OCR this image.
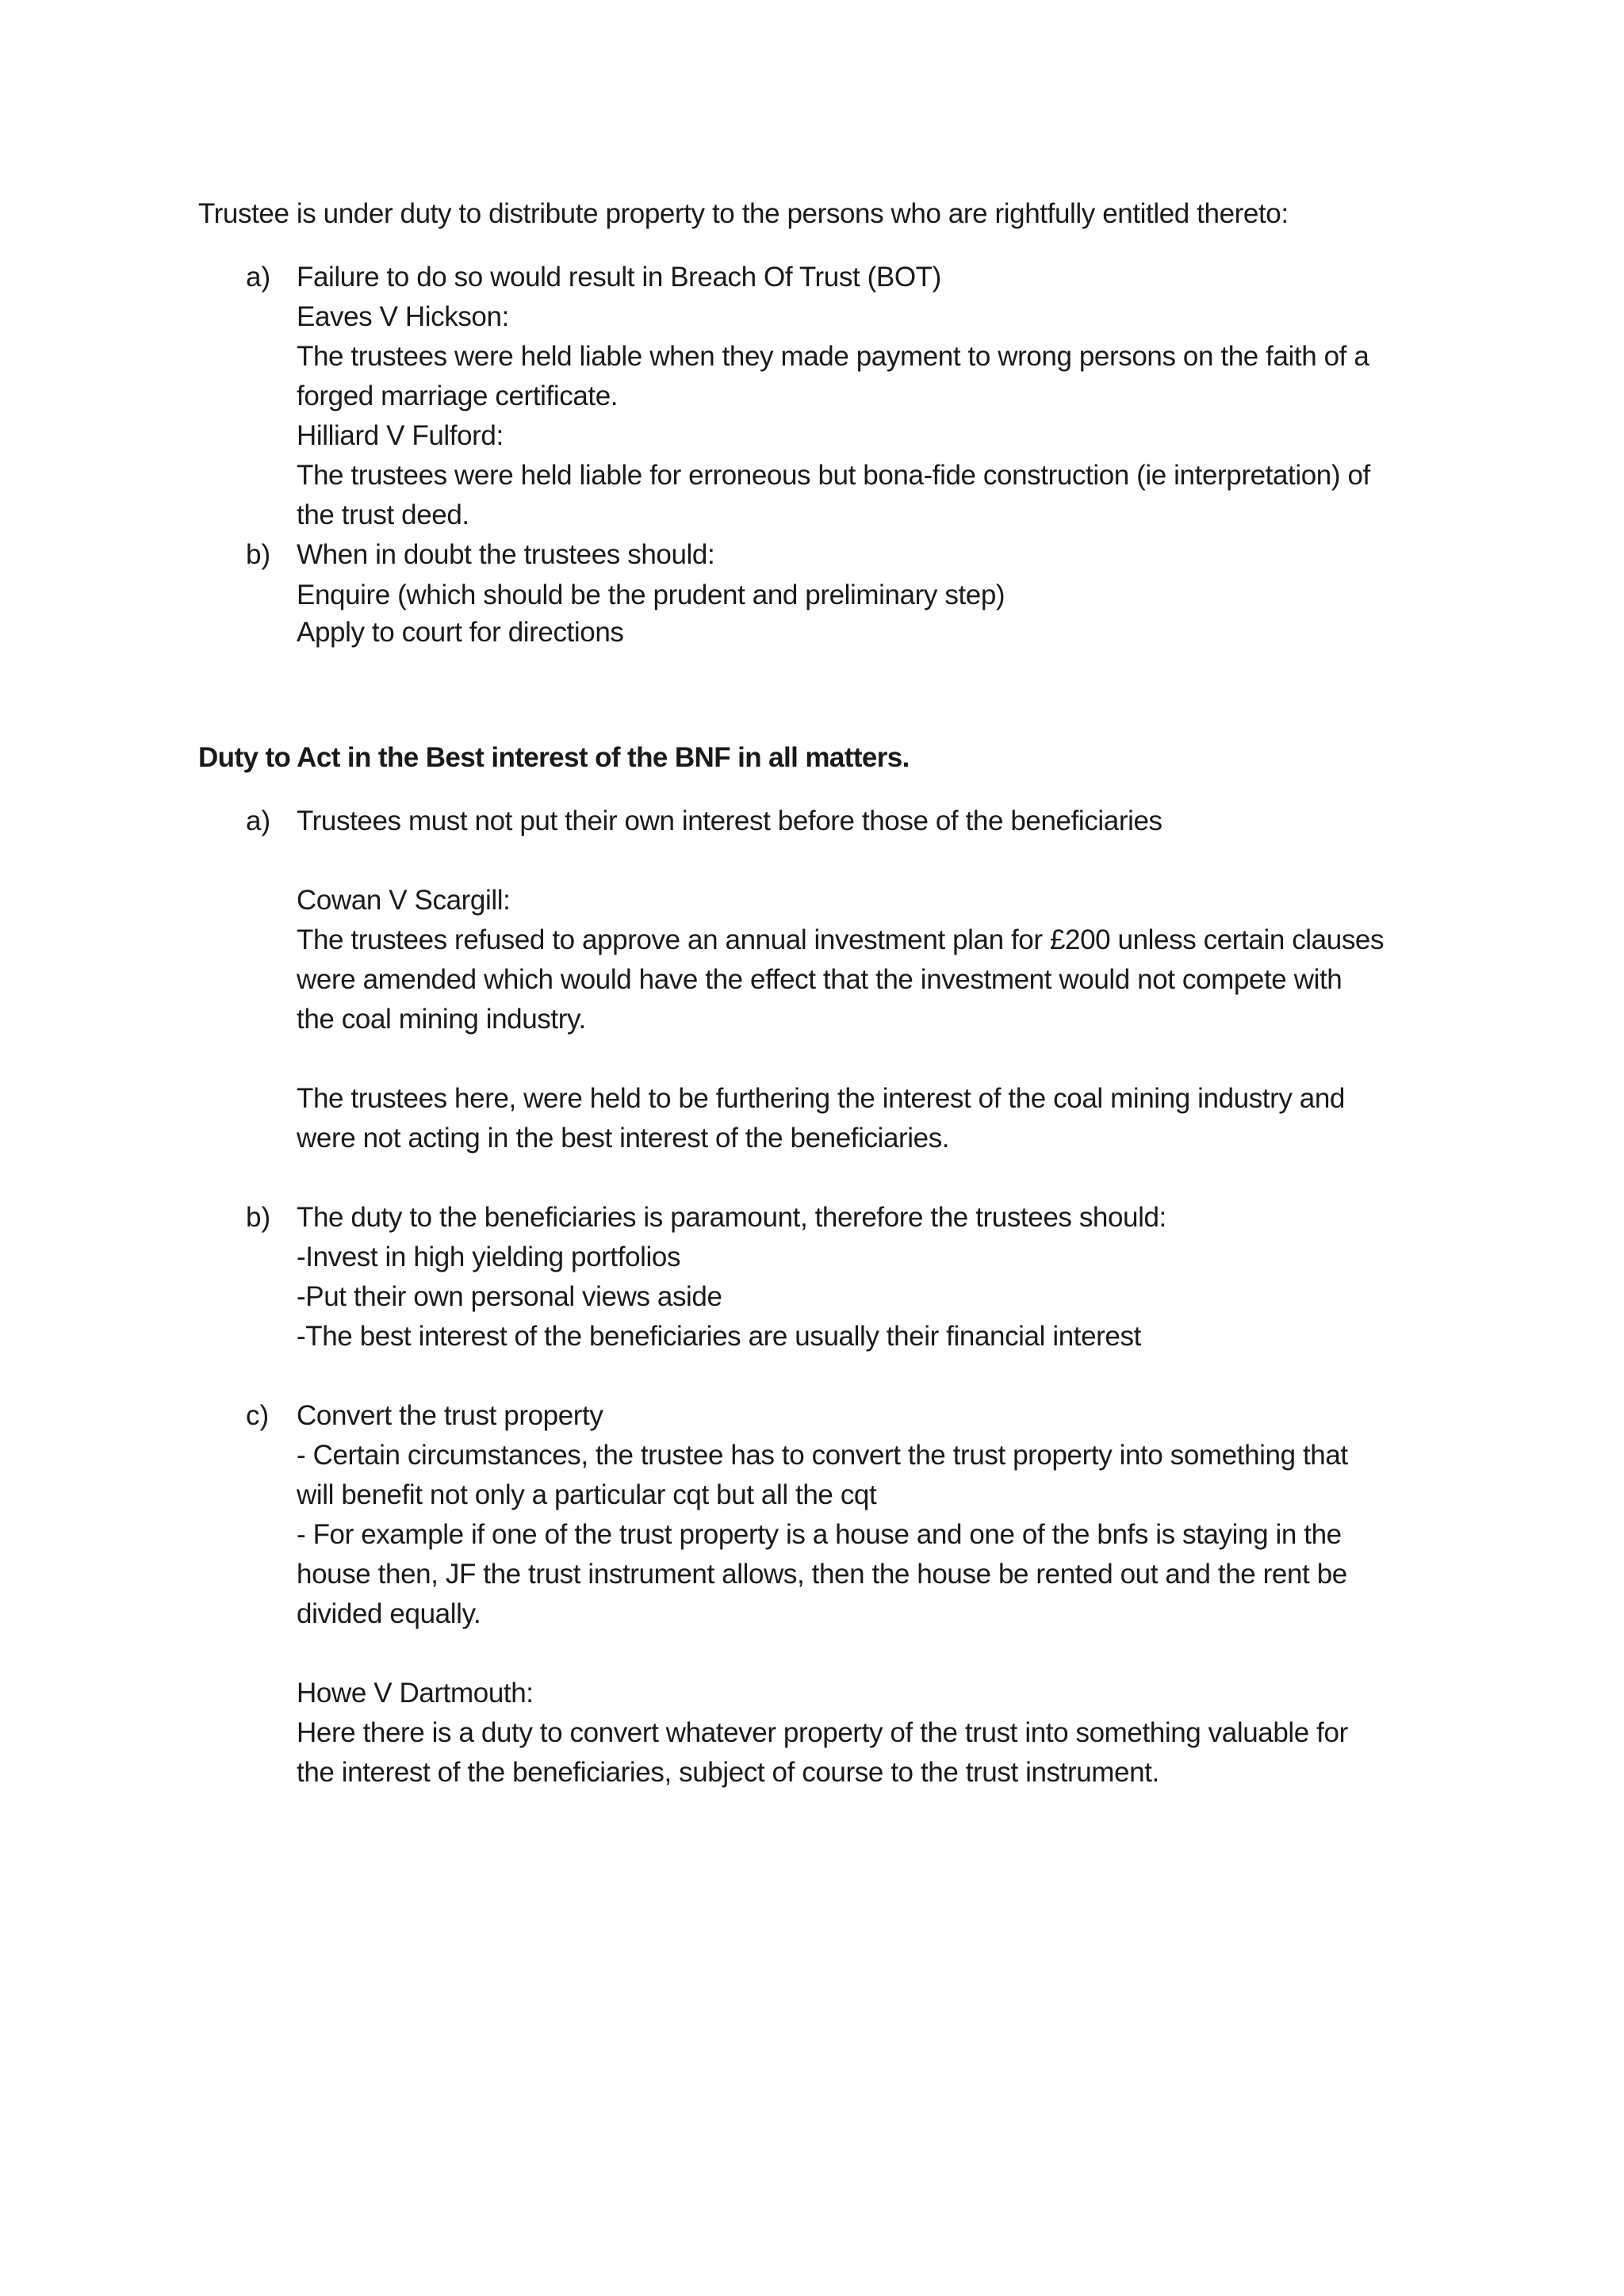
Trustee is under duty to distribute property to the persons who are rightfully entitled thereto:
a) Failure to do so would result in Breach Of Trust (BOT)
Eaves V Hickson:
The trustees were held liable when they made payment to wrong persons on the faith of a
forged marriage certificate.
Hilliard V Fulford:
The trustees were held liable for erroneous but bona-fide construction (ie interpretation) of
the trust deed.
b) When in doubt the trustees should:
Enquire (which should be the prudent and preliminary step)
Apply to court for directions
Duty to Act in the Best interest of the BNF in all matters.
a) Trustees must not put their own interest before those of the beneficiaries
Cowan V Scargill:
The trustees refused to approve an annual investment plan for £200 unless certain clauses
were amended which would have the effect that the investment would not compete with
the coal mining industry.
The trustees here, were held to be furthering the interest of the coal mining industry and
were not acting in the best interest of the beneficiaries.
b) The duty to the beneficiaries is paramount, therefore the trustees should:
-Invest in high yielding portfolios
-Put their own personal views aside
-The best interest of the beneficiaries are usually their financial interest
c) Convert the trust property
- Certain circumstances, the trustee has to convert the trust property into something that
will benefit not only a particular cqt but all the cqt
- For example if one of the trust property is a house and one of the bnfs is staying in the
house then, JF the trust instrument allows, then the house be rented out and the rent be
divided equally.
Howe V Dartmouth:
Here there is a duty to convert whatever property of the trust into something valuable for
the interest of the beneficiaries, subject of course to the trust instrument.
